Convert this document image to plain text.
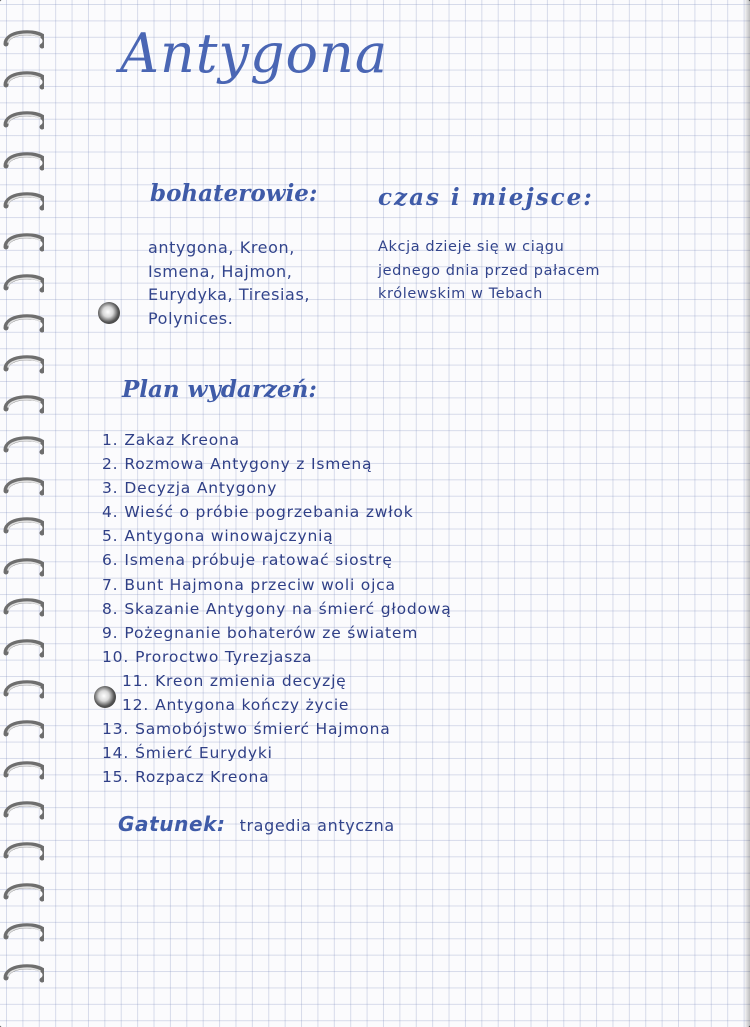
Antygona
bohaterowie:
antygona, Kreon,
Ismena, Hajmon,
Eurydyka, Tiresias,
Polynices.
czas i miejsce:
Akcja dzieje się w ciągu
jednego dnia przed pałacem
królewskim w Tebach
Plan wydarzeń:
1. Zakaz Kreona
2. Rozmowa Antygony z Ismeną
3. Decyzja Antygony
4. Wieść o próbie pogrzebania zwłok
5. Antygona winowajczynią
6. Ismena próbuje ratować siostrę
7. Bunt Hajmona przeciw woli ojca
8. Skazanie Antygony na śmierć głodową
9. Pożegnanie bohaterów ze światem
10. Proroctwo Tyrezjasza
11. Kreon zmienia decyzję
12. Antygona kończy życie
13. Samobójstwo śmierć Hajmona
14. Śmierć Eurydyki
15. Rozpacz Kreona
Gatunek: tragedia antyczna
